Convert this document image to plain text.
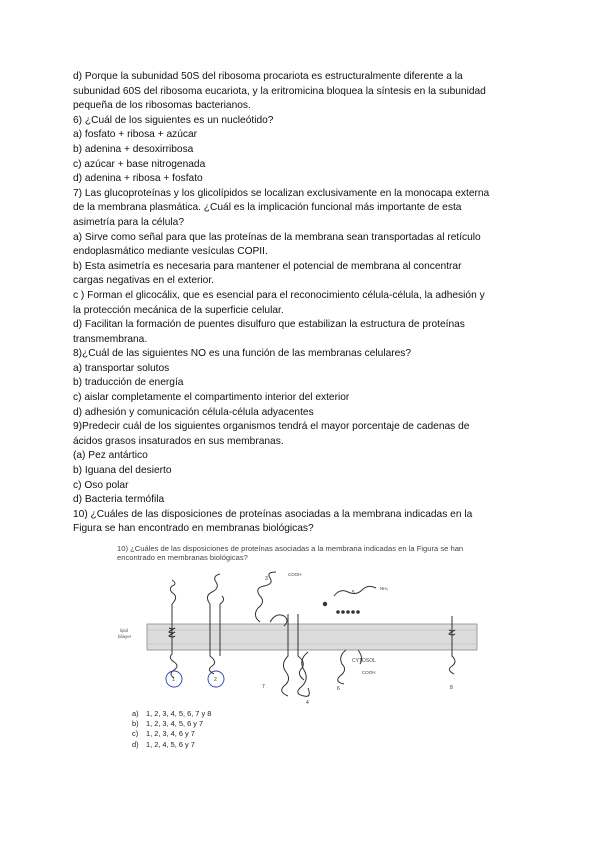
d) Porque la subunidad 50S del ribosoma procariota es estructuralmente diferente a la
subunidad 60S del ribosoma eucariota, y la eritromicina bloquea la síntesis en la subunidad
pequeña de los ribosomas bacterianos.
6) ¿Cuál de los siguientes es un nucleótido?
a) fosfato + ribosa + azúcar
b) adenina + desoxirribosa
c) azúcar + base nitrogenada
d) adenina + ribosa + fosfato
7) Las glucoproteínas y los glicolípidos se localizan exclusivamente en la monocapa externa
de la membrana plasmática. ¿Cuál es la implicación funcional más importante de esta
asimetría para la célula?
a) Sirve como señal para que las proteínas de la membrana sean transportadas al retículo
endoplasmático mediante vesículas COPII.
b) Esta asimetría es necesaria para mantener el potencial de membrana al concentrar
cargas negativas en el exterior.
c ) Forman el glicocálix, que es esencial para el reconocimiento célula-célula, la adhesión y
la protección mecánica de la superficie celular.
d) Facilitan la formación de puentes disulfuro que estabilizan la estructura de proteínas
transmembrana.
8)¿Cuál de las siguientes NO es una función de las membranas celulares?
a) transportar solutos
b) traducción de energía
c) aislar completamente el compartimento interior del exterior
d) adhesión y comunicación célula-célula adyacentes
9)Predecir cuál de los siguientes organismos tendrá el mayor porcentaje de cadenas de
ácidos grasos insaturados en sus membranas.
(a) Pez antártico
b) Iguana del desierto
c) Oso polar
d) Bacteria termófila
10) ¿Cuáles de las disposiciones de proteínas asociadas a la membrana indicadas en la
Figura se han encontrado en membranas biológicas?
10) ¿Cuáles de las disposiciones de proteínas asociadas a la membrana indicadas en la Figura se han
encontrado en membranas biológicas?
lipid
bilayer
CYTOSOL
COOH
NH₂
COOH
1	2
3
4
5
6
7	8
a) 1, 2, 3, 4, 5, 6, 7 y 8
b) 1, 2, 3, 4, 5, 6 y 7
c) 1, 2, 3, 4, 6 y 7
d) 1, 2, 4, 5, 6 y 7
